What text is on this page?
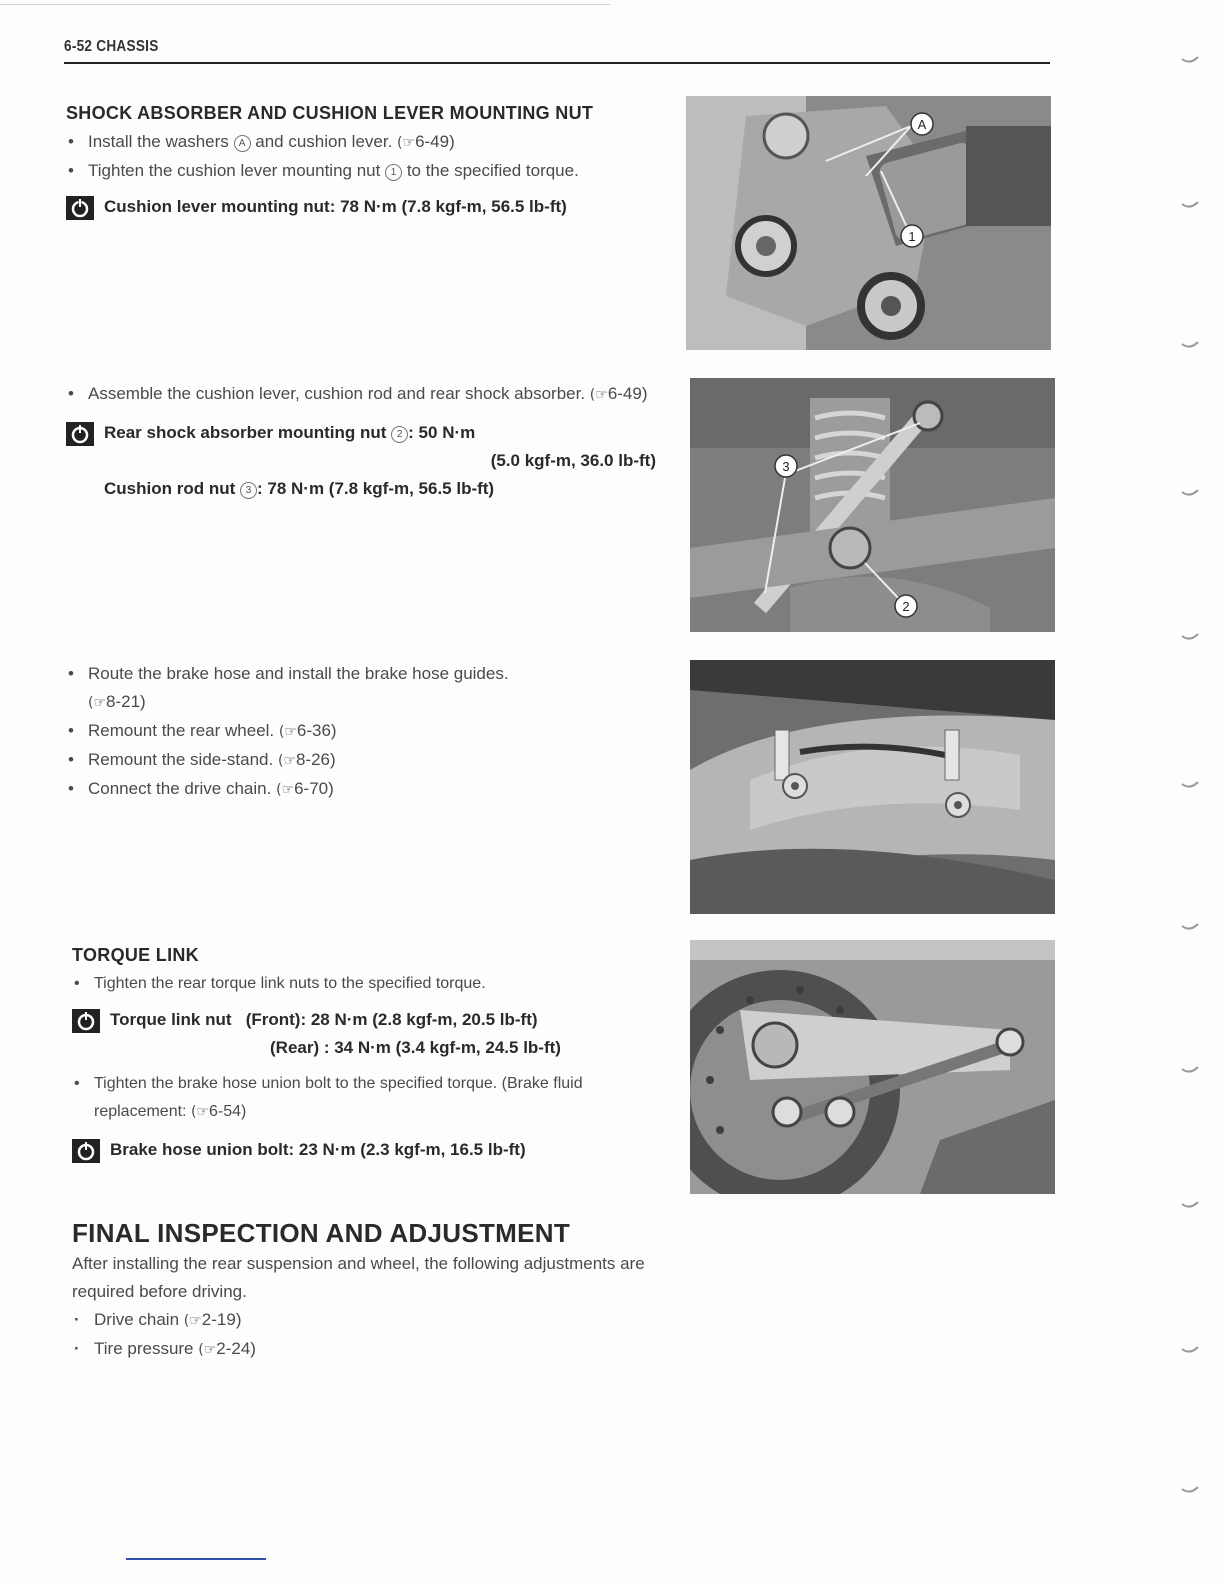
6-52 CHASSIS
SHOCK ABSORBER AND CUSHION LEVER MOUNTING NUT
• Install the washers A and cushion lever. (☞6-49)
• Tighten the cushion lever mounting nut 1 to the specified torque.
Cushion lever mounting nut: 78 N·m (7.8 kgf-m, 56.5 lb-ft)
• Assemble the cushion lever, cushion rod and rear shock absorber. (☞6-49)
Rear shock absorber mounting nut 2 : 50 N·m
(5.0 kgf-m, 36.0 lb-ft)
Cushion rod nut 3 : 78 N·m (7.8 kgf-m, 56.5 lb-ft)
• Route the brake hose and install the brake hose guides.
(☞8-21)
• Remount the rear wheel. (☞6-36)
• Remount the side-stand. (☞8-26)
• Connect the drive chain. (☞6-70)
TORQUE LINK
• Tighten the rear torque link nuts to the specified torque.
Torque link nut (Front): 28 N·m (2.8 kgf-m, 20.5 lb-ft)
(Rear) : 34 N·m (3.4 kgf-m, 24.5 lb-ft)
• Tighten the brake hose union bolt to the specified torque. (Brake fluid replacement: (☞6-54)
Brake hose union bolt: 23 N·m (2.3 kgf-m, 16.5 lb-ft)
FINAL INSPECTION AND ADJUSTMENT
After installing the rear suspension and wheel, the following adjustments are required before driving.
· Drive chain (☞2-19)
· Tire pressure (☞2-24)
A
1
3
2
